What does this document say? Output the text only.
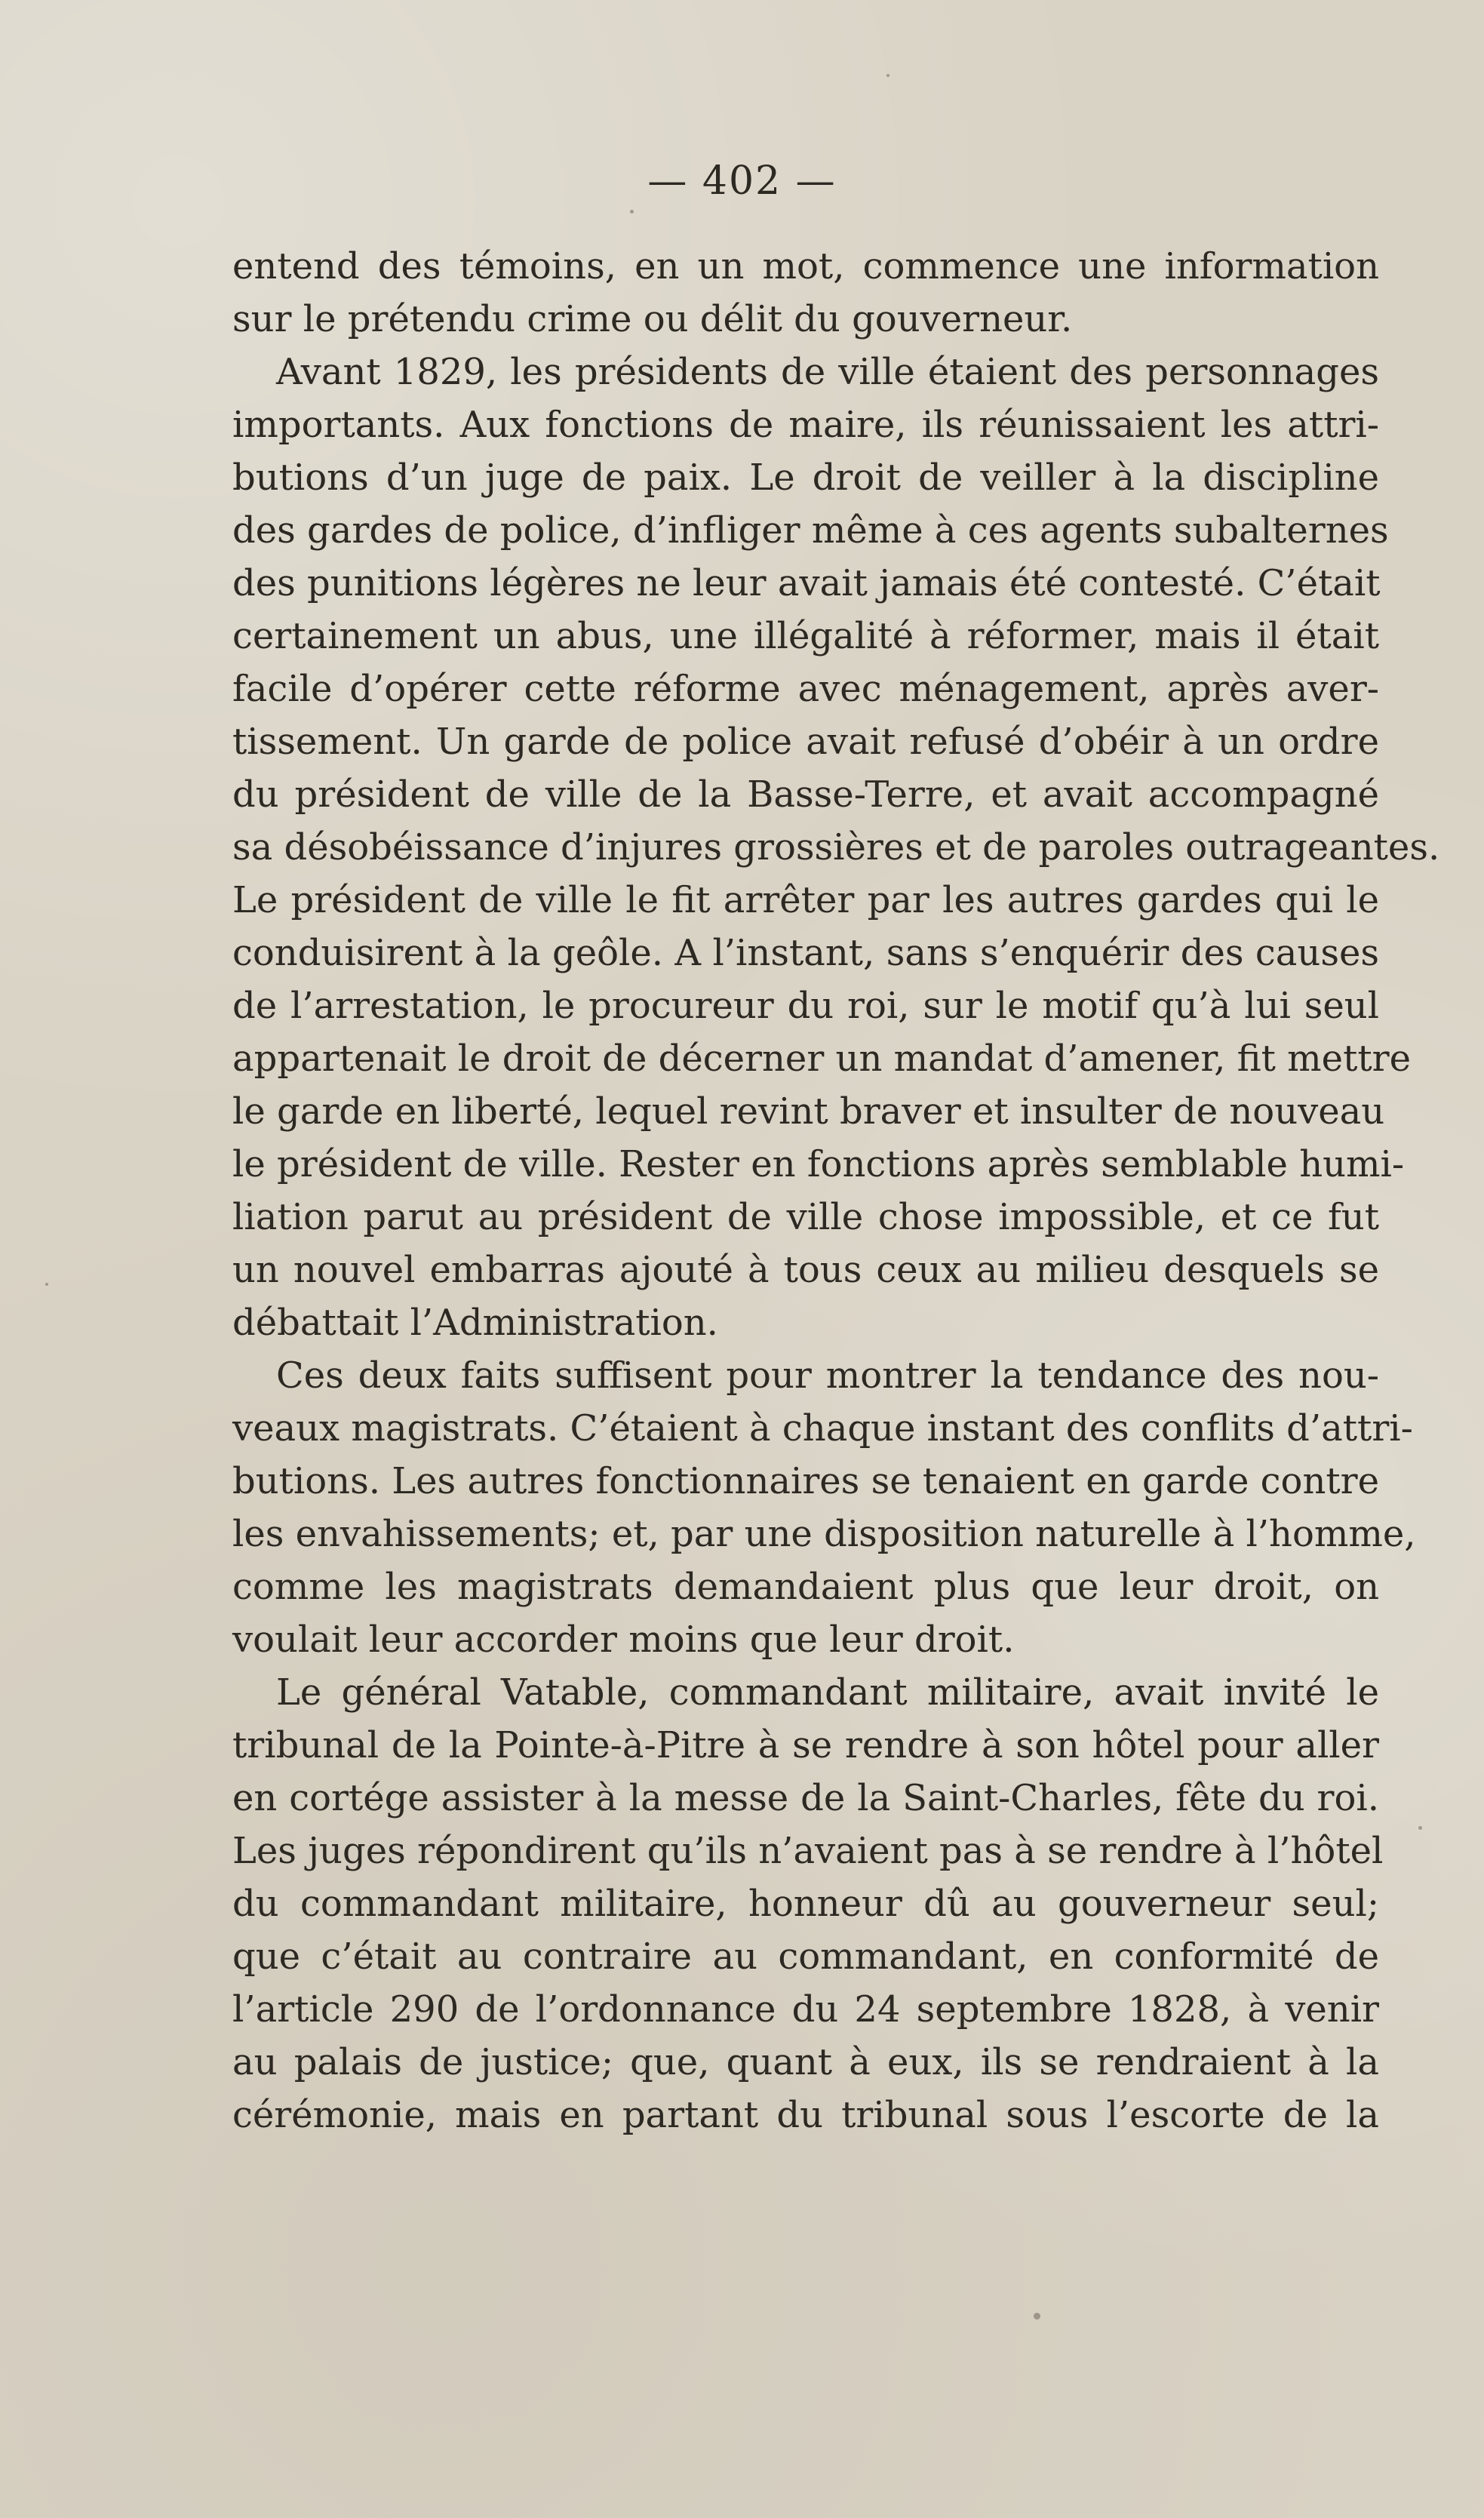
— 402 —
entend des témoins, en un mot, commence une information
sur le prétendu crime ou délit du gouverneur.
Avant 1829, les présidents de ville étaient des personnages
importants. Aux fonctions de maire, ils réunissaient les attri-
butions d’un juge de paix. Le droit de veiller à la discipline
des gardes de police, d’infliger même à ces agents subalternes
des punitions légères ne leur avait jamais été contesté. C’était
certainement un abus, une illégalité à réformer, mais il était
facile d’opérer cette réforme avec ménagement, après aver-
tissement. Un garde de police avait refusé d’obéir à un ordre
du président de ville de la Basse-Terre, et avait accompagné
sa désobéissance d’injures grossières et de paroles outrageantes.
Le président de ville le fit arrêter par les autres gardes qui le
conduisirent à la geôle. A l’instant, sans s’enquérir des causes
de l’arrestation, le procureur du roi, sur le motif qu’à lui seul
appartenait le droit de décerner un mandat d’amener, fit mettre
le garde en liberté, lequel revint braver et insulter de nouveau
le président de ville. Rester en fonctions après semblable humi-
liation parut au président de ville chose impossible, et ce fut
un nouvel embarras ajouté à tous ceux au milieu desquels se
débattait l’Administration.
Ces deux faits suffisent pour montrer la tendance des nou-
veaux magistrats. C’étaient à chaque instant des conflits d’attri-
butions. Les autres fonctionnaires se tenaient en garde contre
les envahissements; et, par une disposition naturelle à l’homme,
comme les magistrats demandaient plus que leur droit, on
voulait leur accorder moins que leur droit.
Le général Vatable, commandant militaire, avait invité le
tribunal de la Pointe-à-Pitre à se rendre à son hôtel pour aller
en cortége assister à la messe de la Saint-Charles, fête du roi.
Les juges répondirent qu’ils n’avaient pas à se rendre à l’hôtel
du commandant militaire, honneur dû au gouverneur seul;
que c’était au contraire au commandant, en conformité de
l’article 290 de l’ordonnance du 24 septembre 1828, à venir
au palais de justice; que, quant à eux, ils se rendraient à la
cérémonie, mais en partant du tribunal sous l’escorte de la
